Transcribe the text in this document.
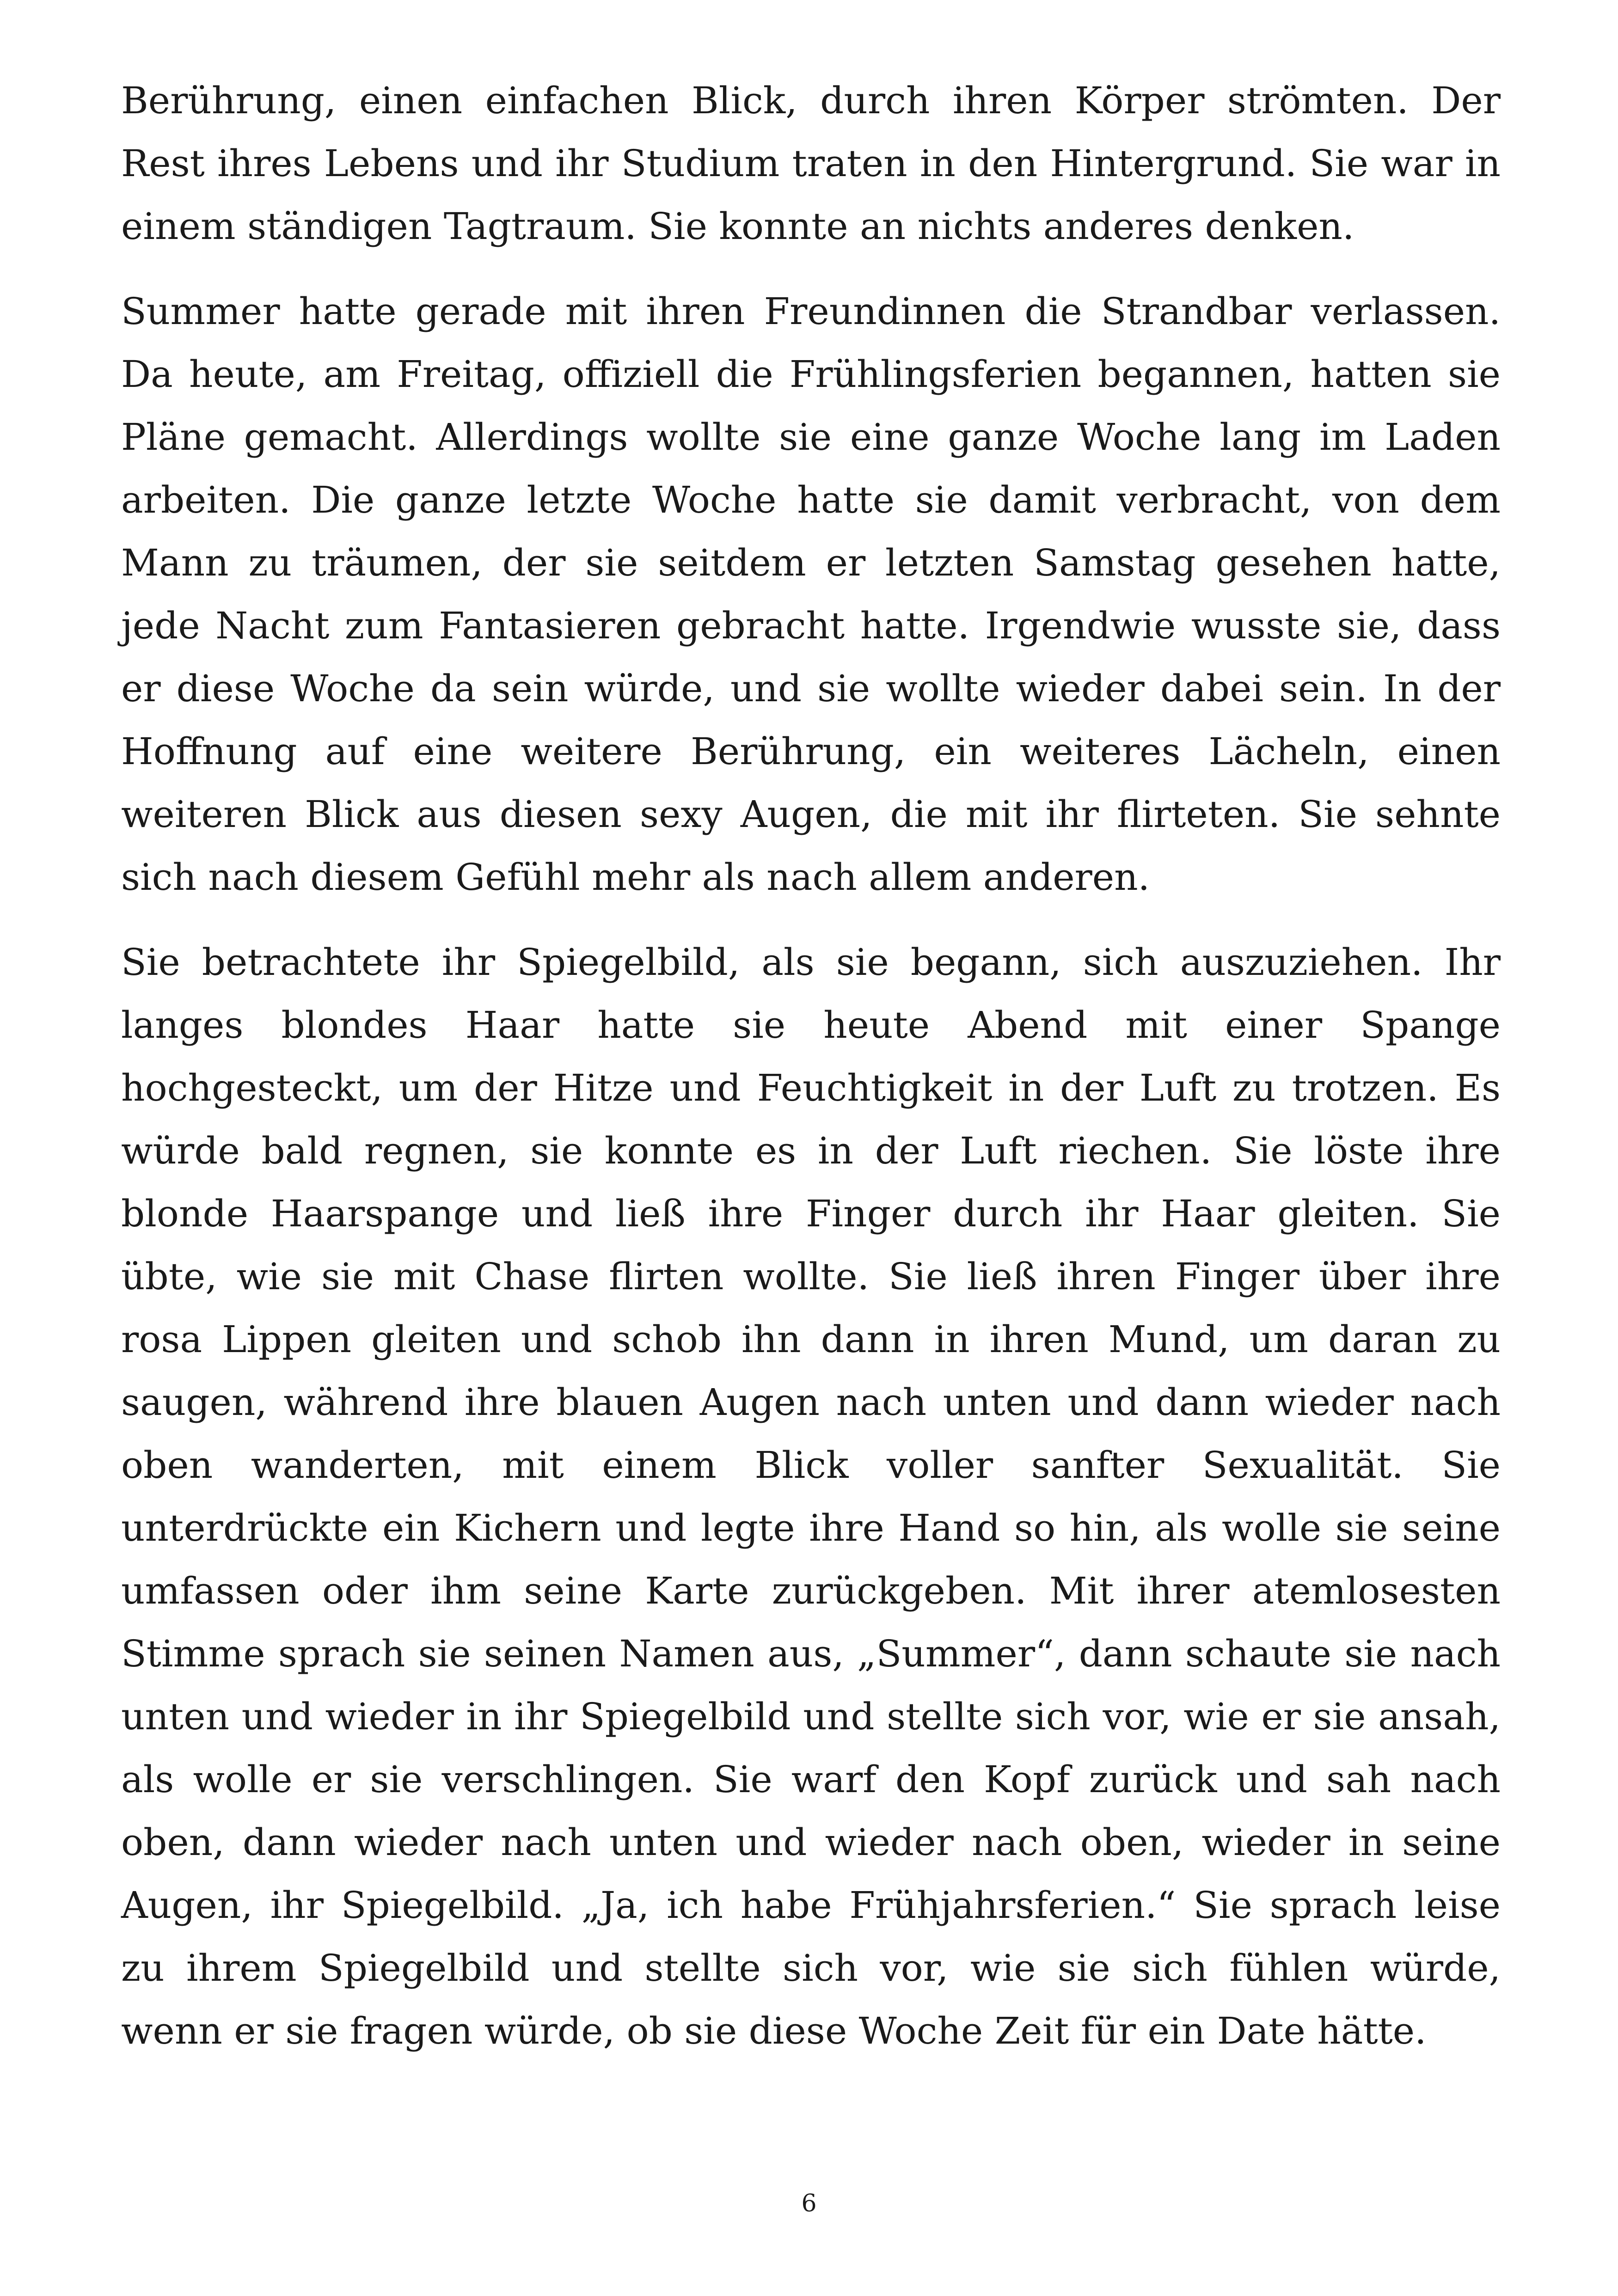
Berührung, einen einfachen Blick, durch ihren Körper strömten. Der Rest ihres Lebens und ihr Studium traten in den Hintergrund. Sie war in einem ständigen Tagtraum. Sie konnte an nichts anderes denken.

Summer hatte gerade mit ihren Freundinnen die Strandbar verlassen. Da heute, am Freitag, offiziell die Frühlingsferien begannen, hatten sie Pläne gemacht. Allerdings wollte sie eine ganze Woche lang im Laden arbeiten. Die ganze letzte Woche hatte sie damit verbracht, von dem Mann zu träumen, der sie seitdem er letzten Samstag gesehen hatte, jede Nacht zum Fantasieren gebracht hatte. Irgendwie wusste sie, dass er diese Woche da sein würde, und sie wollte wieder dabei sein. In der Hoffnung auf eine weitere Berührung, ein weiteres Lächeln, einen weiteren Blick aus diesen sexy Augen, die mit ihr flirteten. Sie sehnte sich nach diesem Gefühl mehr als nach allem anderen.

Sie betrachtete ihr Spiegelbild, als sie begann, sich auszuziehen. Ihr langes blondes Haar hatte sie heute Abend mit einer Spange hochgesteckt, um der Hitze und Feuchtigkeit in der Luft zu trotzen. Es würde bald regnen, sie konnte es in der Luft riechen. Sie löste ihre blonde Haarspange und ließ ihre Finger durch ihr Haar gleiten. Sie übte, wie sie mit Chase flirten wollte. Sie ließ ihren Finger über ihre rosa Lippen gleiten und schob ihn dann in ihren Mund, um daran zu saugen, während ihre blauen Augen nach unten und dann wieder nach oben wanderten, mit einem Blick voller sanfter Sexualität. Sie unterdrückte ein Kichern und legte ihre Hand so hin, als wolle sie seine umfassen oder ihm seine Karte zurückgeben. Mit ihrer atemlosesten Stimme sprach sie seinen Namen aus, „Summer“, dann schaute sie nach unten und wieder in ihr Spiegelbild und stellte sich vor, wie er sie ansah, als wolle er sie verschlingen. Sie warf den Kopf zurück und sah nach oben, dann wieder nach unten und wieder nach oben, wieder in seine Augen, ihr Spiegelbild. „Ja, ich habe Frühjahrsferien.“ Sie sprach leise zu ihrem Spiegelbild und stellte sich vor, wie sie sich fühlen würde, wenn er sie fragen würde, ob sie diese Woche Zeit für ein Date hätte.

6
